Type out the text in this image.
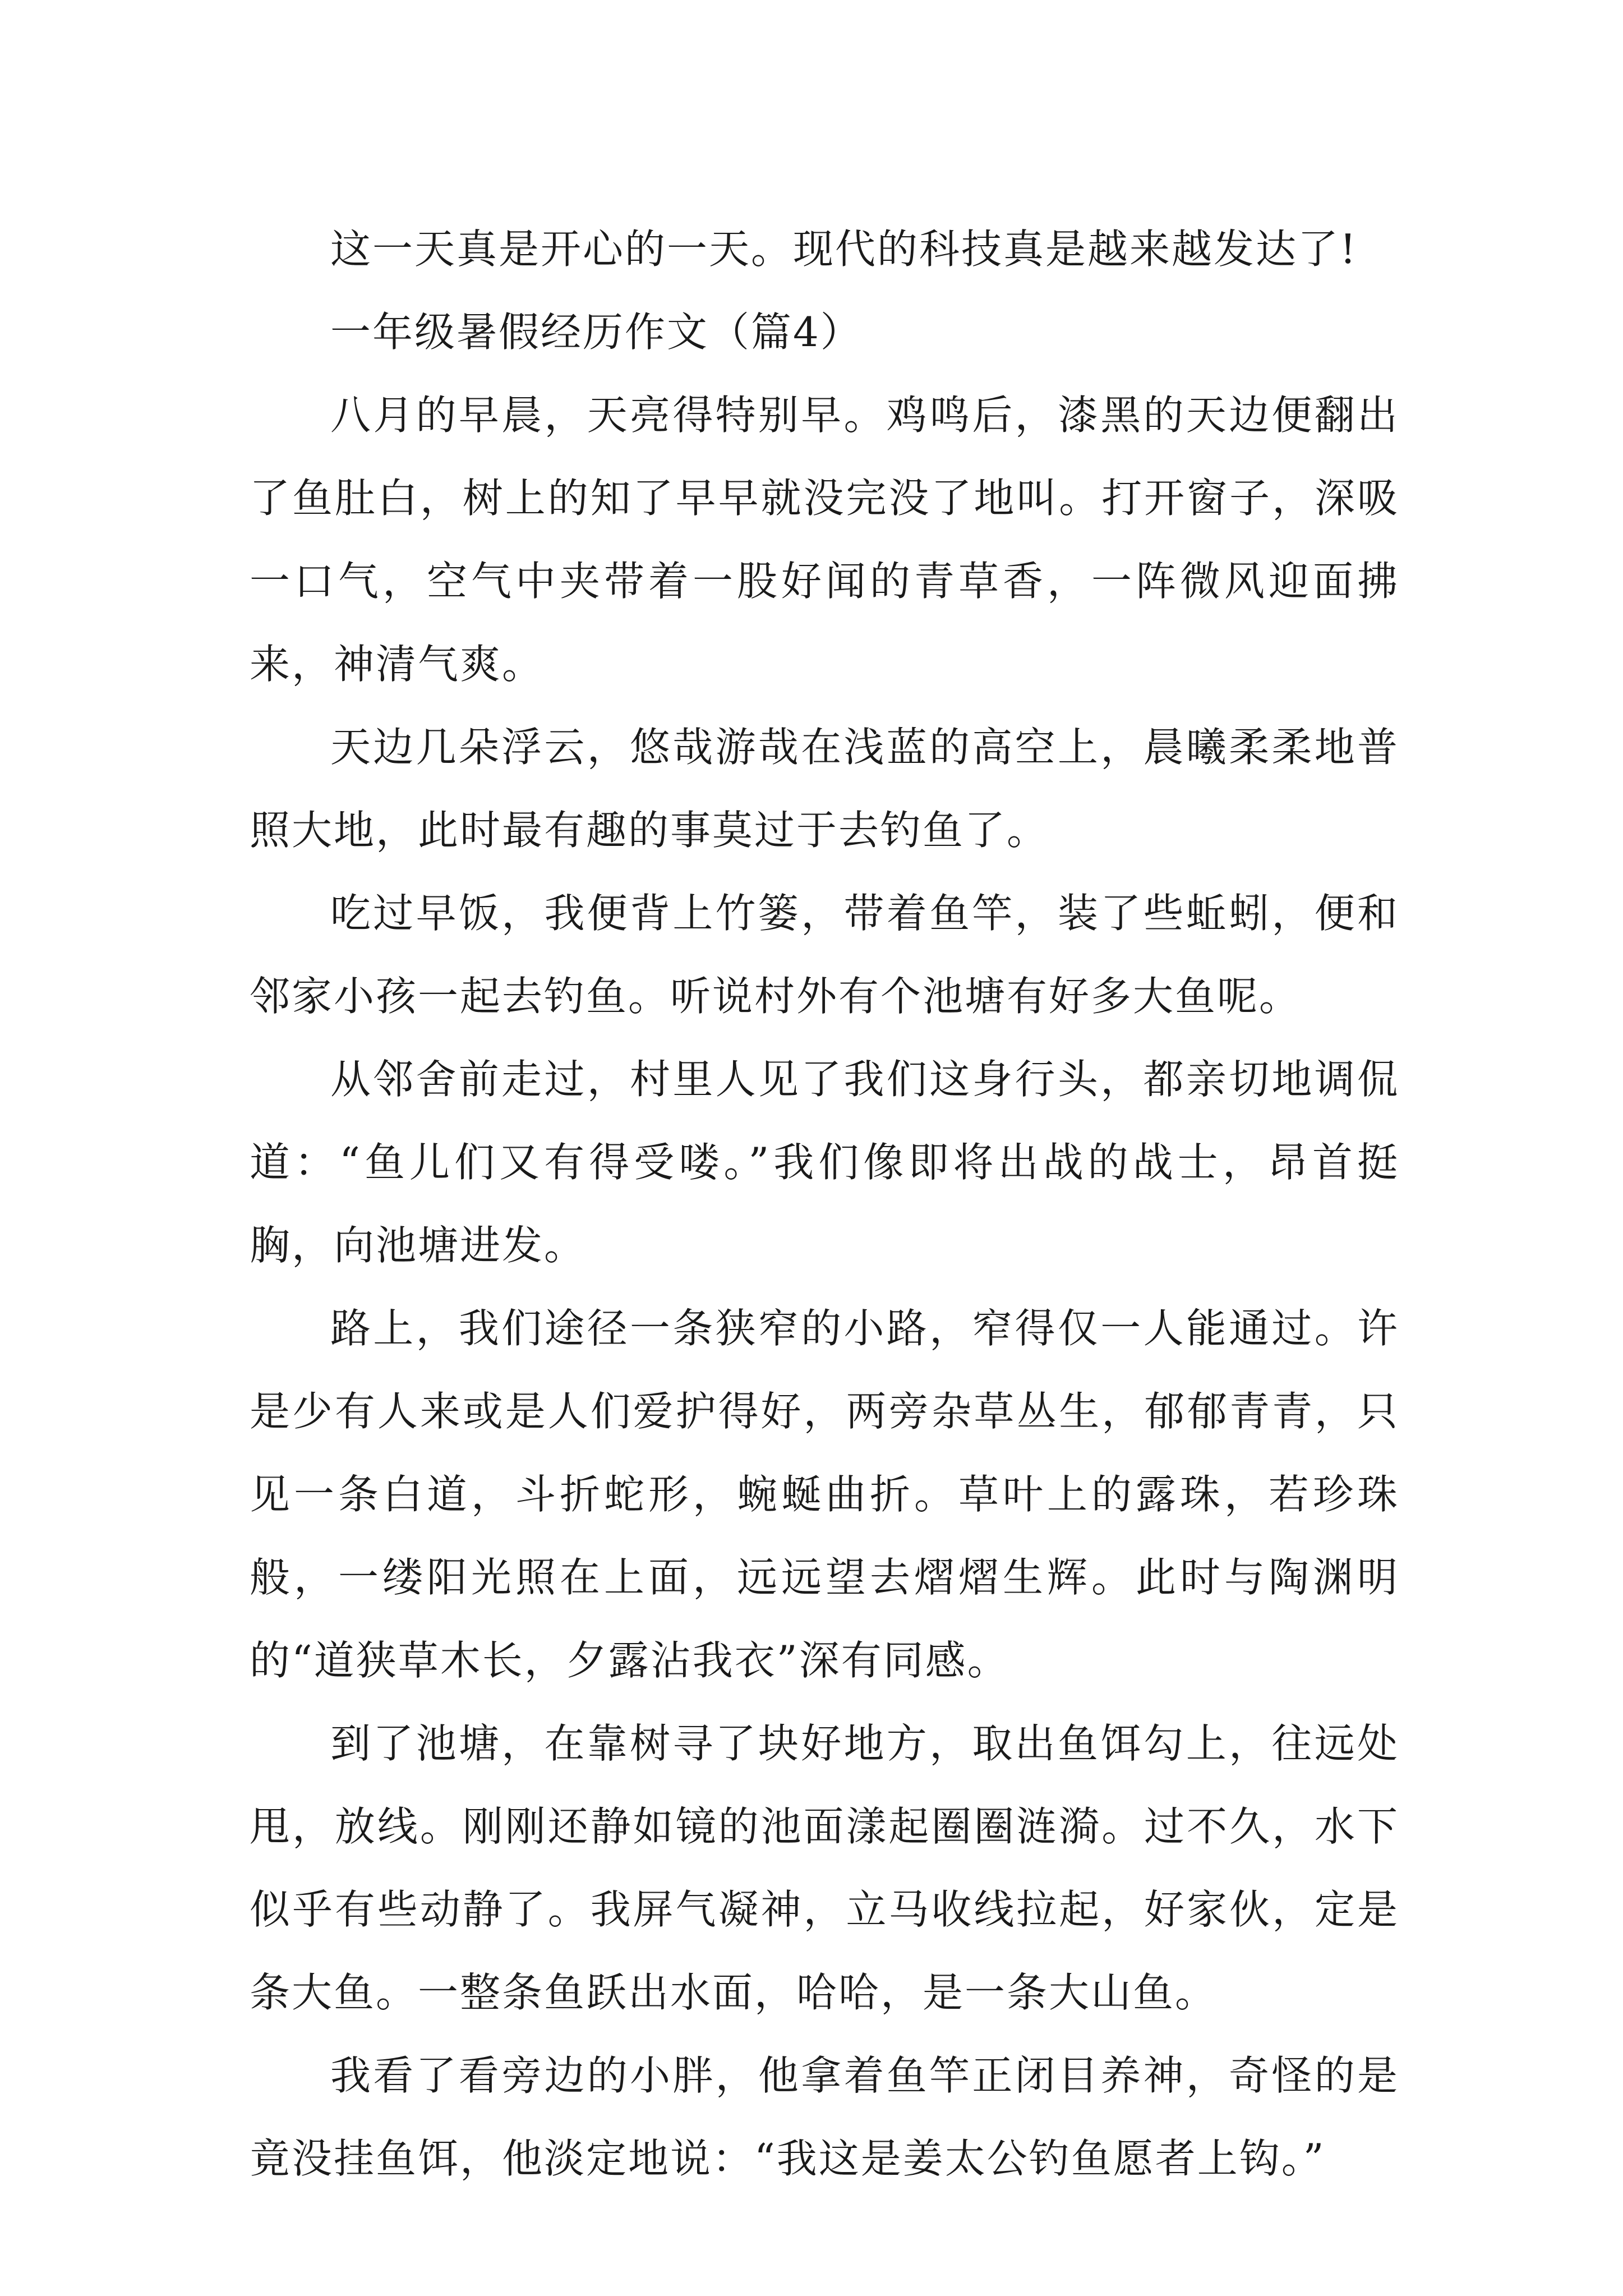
这一天真是开心的一天。现代的科技真是越来越发达了!

一年级暑假经历作文（篇4）

八月的早晨，天亮得特别早。鸡鸣后，漆黑的天边便翻出了鱼肚白，树上的知了早早就没完没了地叫。打开窗子，深吸一口气，空气中夹带着一股好闻的青草香，一阵微风迎面拂来，神清气爽。

天边几朵浮云，悠哉游哉在浅蓝的高空上，晨曦柔柔地普照大地，此时最有趣的事莫过于去钓鱼了。

吃过早饭，我便背上竹篓，带着鱼竿，装了些蚯蚓，便和邻家小孩一起去钓鱼。听说村外有个池塘有好多大鱼呢。

从邻舍前走过，村里人见了我们这身行头，都亲切地调侃道：“鱼儿们又有得受喽。”我们像即将出战的战士，昂首挺胸，向池塘进发。

路上，我们途径一条狭窄的小路，窄得仅一人能通过。许是少有人来或是人们爱护得好，两旁杂草丛生，郁郁青青，只见一条白道，斗折蛇形，蜿蜒曲折。草叶上的露珠，若珍珠般，一缕阳光照在上面，远远望去熠熠生辉。此时与陶渊明的“道狭草木长，夕露沾我衣”深有同感。

到了池塘，在靠树寻了块好地方，取出鱼饵勾上，往远处甩，放线。刚刚还静如镜的池面漾起圈圈涟漪。过不久，水下似乎有些动静了。我屏气凝神，立马收线拉起，好家伙，定是条大鱼。一整条鱼跃出水面，哈哈，是一条大山鱼。

我看了看旁边的小胖，他拿着鱼竿正闭目养神，奇怪的是竟没挂鱼饵，他淡定地说：“我这是姜太公钓鱼愿者上钩。”
